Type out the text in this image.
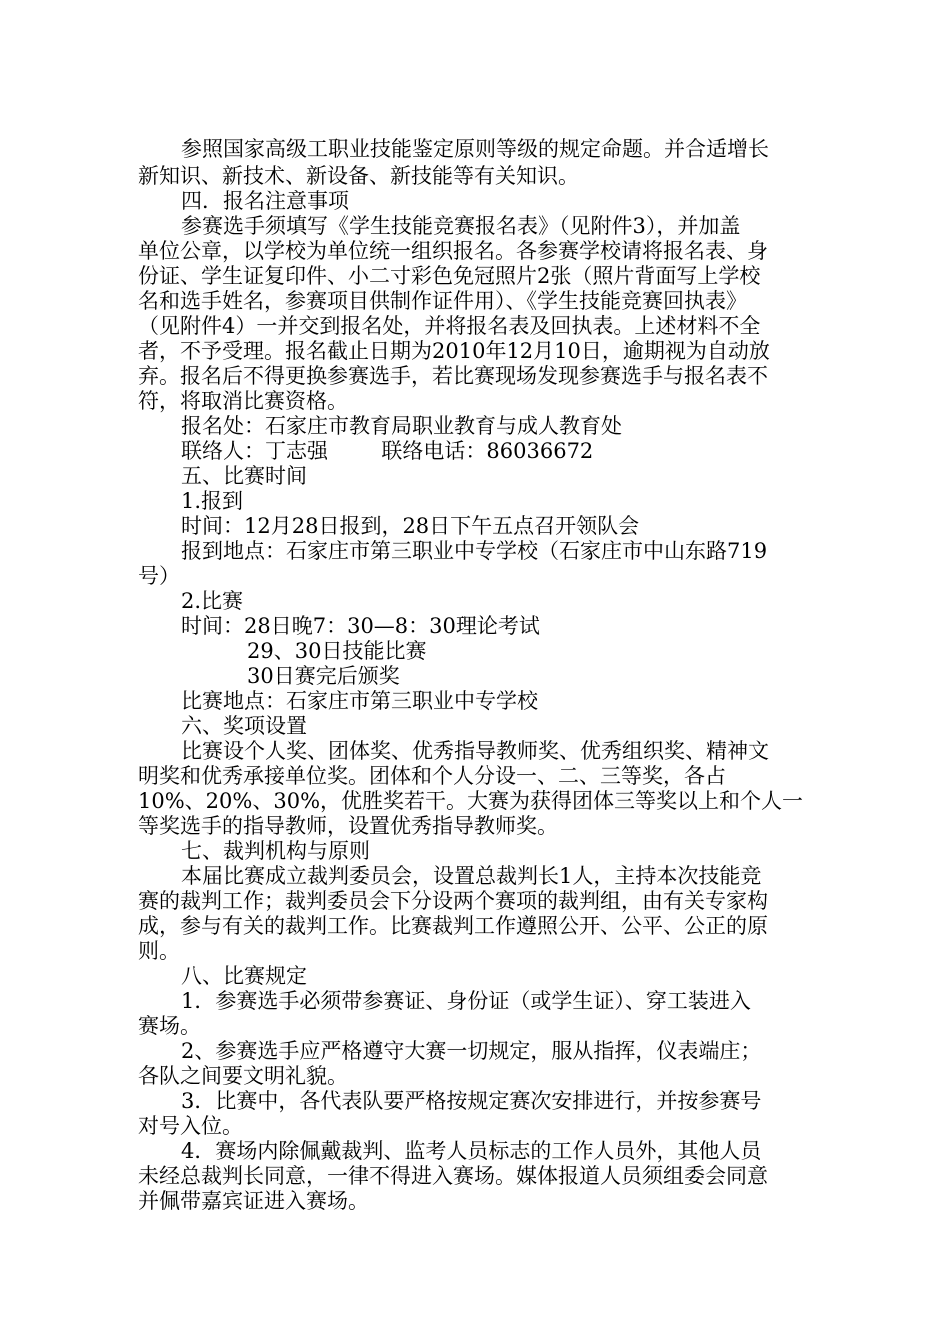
参照国家高级工职业技能鉴定原则等级的规定命题。并合适增长
新知识、新技术、新设备、新技能等有关知识。
四．报名注意事项
参赛选手须填写《学生技能竞赛报名表》（见附件3），并加盖
单位公章，以学校为单位统一组织报名。各参赛学校请将报名表、身
份证、学生证复印件、小二寸彩色免冠照片2张（照片背面写上学校
名和选手姓名，参赛项目供制作证件用）、《学生技能竞赛回执表》
（见附件4）一并交到报名处，并将报名表及回执表。上述材料不全
者，不予受理。报名截止日期为2010年12月10日，逾期视为自动放
弃。报名后不得更换参赛选手，若比赛现场发现参赛选手与报名表不
符，将取消比赛资格。
报名处：石家庄市教育局职业教育与成人教育处
联络人：丁志强        联络电话：86036672
五、比赛时间
1.报到
时间：12月28日报到，28日下午五点召开领队会
报到地点：石家庄市第三职业中专学校（石家庄市中山东路719
号）
2.比赛
时间：28日晚7：30—8：30理论考试
29、30日技能比赛
30日赛完后颁奖
比赛地点：石家庄市第三职业中专学校
六、奖项设置
比赛设个人奖、团体奖、优秀指导教师奖、优秀组织奖、精神文
明奖和优秀承接单位奖。团体和个人分设一、二、三等奖，各占
10%、20%、30%，优胜奖若干。大赛为获得团体三等奖以上和个人一
等奖选手的指导教师，设置优秀指导教师奖。
七、裁判机构与原则
本届比赛成立裁判委员会，设置总裁判长1人，主持本次技能竞
赛的裁判工作；裁判委员会下分设两个赛项的裁判组，由有关专家构
成，参与有关的裁判工作。比赛裁判工作遵照公开、公平、公正的原
则。
八、比赛规定
1．参赛选手必须带参赛证、身份证（或学生证）、穿工装进入
赛场。
2、参赛选手应严格遵守大赛一切规定，服从指挥，仪表端庄；
各队之间要文明礼貌。
3．比赛中，各代表队要严格按规定赛次安排进行，并按参赛号
对号入位。
4．赛场内除佩戴裁判、监考人员标志的工作人员外，其他人员
未经总裁判长同意，一律不得进入赛场。媒体报道人员须组委会同意
并佩带嘉宾证进入赛场。
